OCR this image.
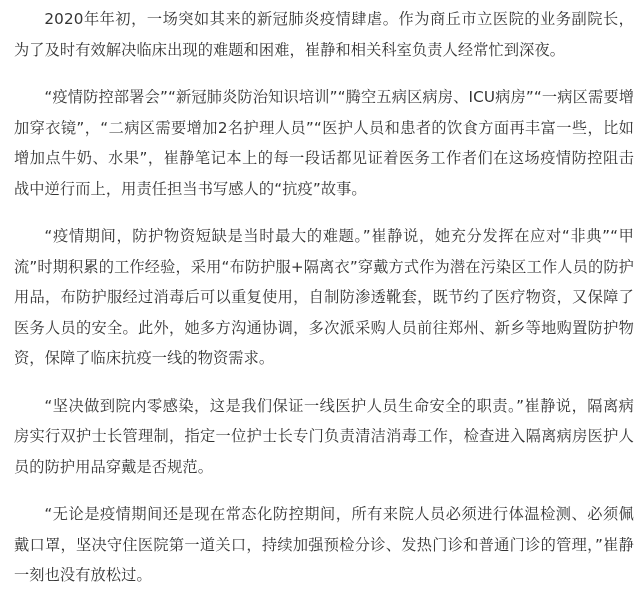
2020年年初，一场突如其来的新冠肺炎疫情肆虐。作为商丘市立医院的业务副院长，为了及时有效解决临床出现的难题和困难，崔静和相关科室负责人经常忙到深夜。

“疫情防控部署会”“新冠肺炎防治知识培训”“腾空五病区病房、ICU病房”“一病区需要增加穿衣镜”，“二病区需要增加2名护理人员”“医护人员和患者的饮食方面再丰富一些，比如增加点牛奶、水果”，崔静笔记本上的每一段话都见证着医务工作者们在这场疫情防控阻击战中逆行而上，用责任担当书写感人的“抗疫”故事。

“疫情期间，防护物资短缺是当时最大的难题。”崔静说，她充分发挥在应对“非典”“甲流”时期积累的工作经验，采用“布防护服+隔离衣”穿戴方式作为潜在污染区工作人员的防护用品，布防护服经过消毒后可以重复使用，自制防渗透靴套，既节约了医疗物资，又保障了医务人员的安全。此外，她多方沟通协调，多次派采购人员前往郑州、新乡等地购置防护物资，保障了临床抗疫一线的物资需求。

“坚决做到院内零感染，这是我们保证一线医护人员生命安全的职责。”崔静说，隔离病房实行双护士长管理制，指定一位护士长专门负责清洁消毒工作，检查进入隔离病房医护人员的防护用品穿戴是否规范。

“无论是疫情期间还是现在常态化防控期间，所有来院人员必须进行体温检测、必须佩戴口罩，坚决守住医院第一道关口，持续加强预检分诊、发热门诊和普通门诊的管理，”崔静一刻也没有放松过。
